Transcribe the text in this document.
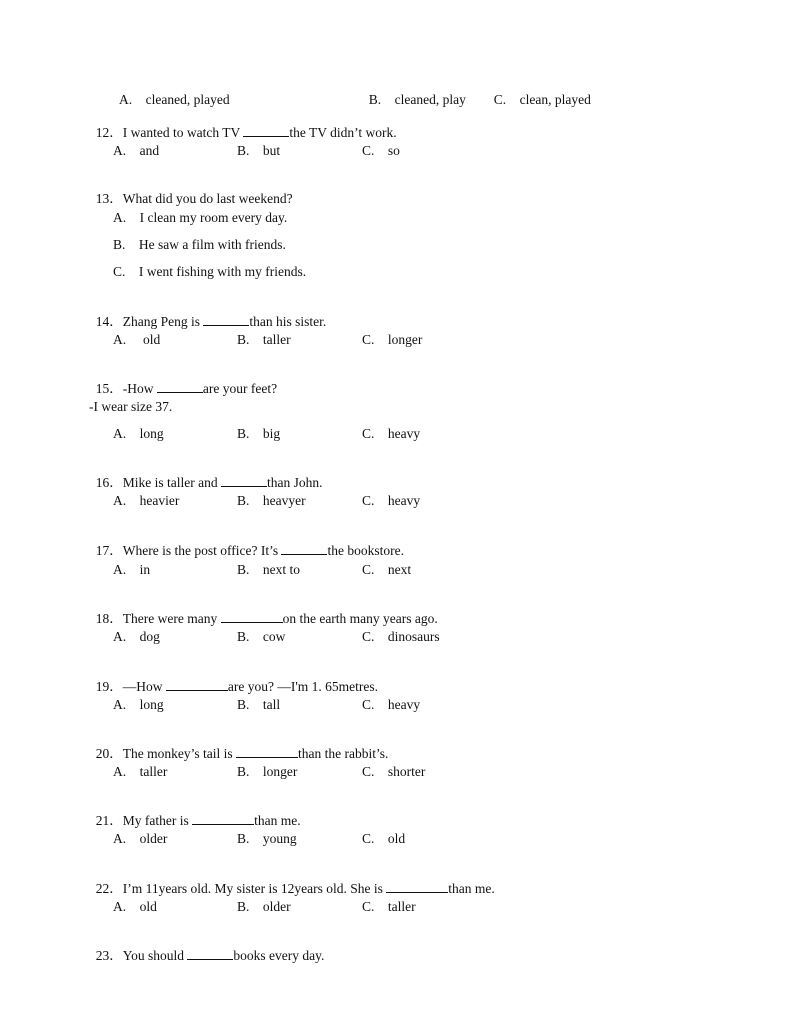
A. cleaned, played	B. cleaned, play	C. clean, played

12．I wanted to watch TV	the TV didn’t work.

A. and	B. but	C. so

13．What did you do last weekend?

A. I clean my room every day.
B. He saw a film with friends.
C. I went fishing with my friends.

14．Zhang Peng is	than his sister.

A. old	B. taller	C. longer

15．-How	are your feet?

-I wear size 37.
A. long	B. big	C. heavy

16．Mike is taller and	than John.

A. heavier	B. heavyer	C. heavy

17．Where is the post office? It’s	the bookstore.

A. in	B. next to	C. next

18．There were many	on the earth many years ago.

A. dog	B. cow	C. dinosaurs

19．—How	are you? —I'm 1. 65metres.

A. long	B. tall	C. heavy

20．The monkey’s tail is	than the rabbit’s.

A. taller	B. longer	C. shorter

21．My father is	than me.

A. older	B. young	C. old

22．I’m 11years old. My sister is 12years old. She is	than me.

A. old	B. older	C. taller

23．You should	books every day.
